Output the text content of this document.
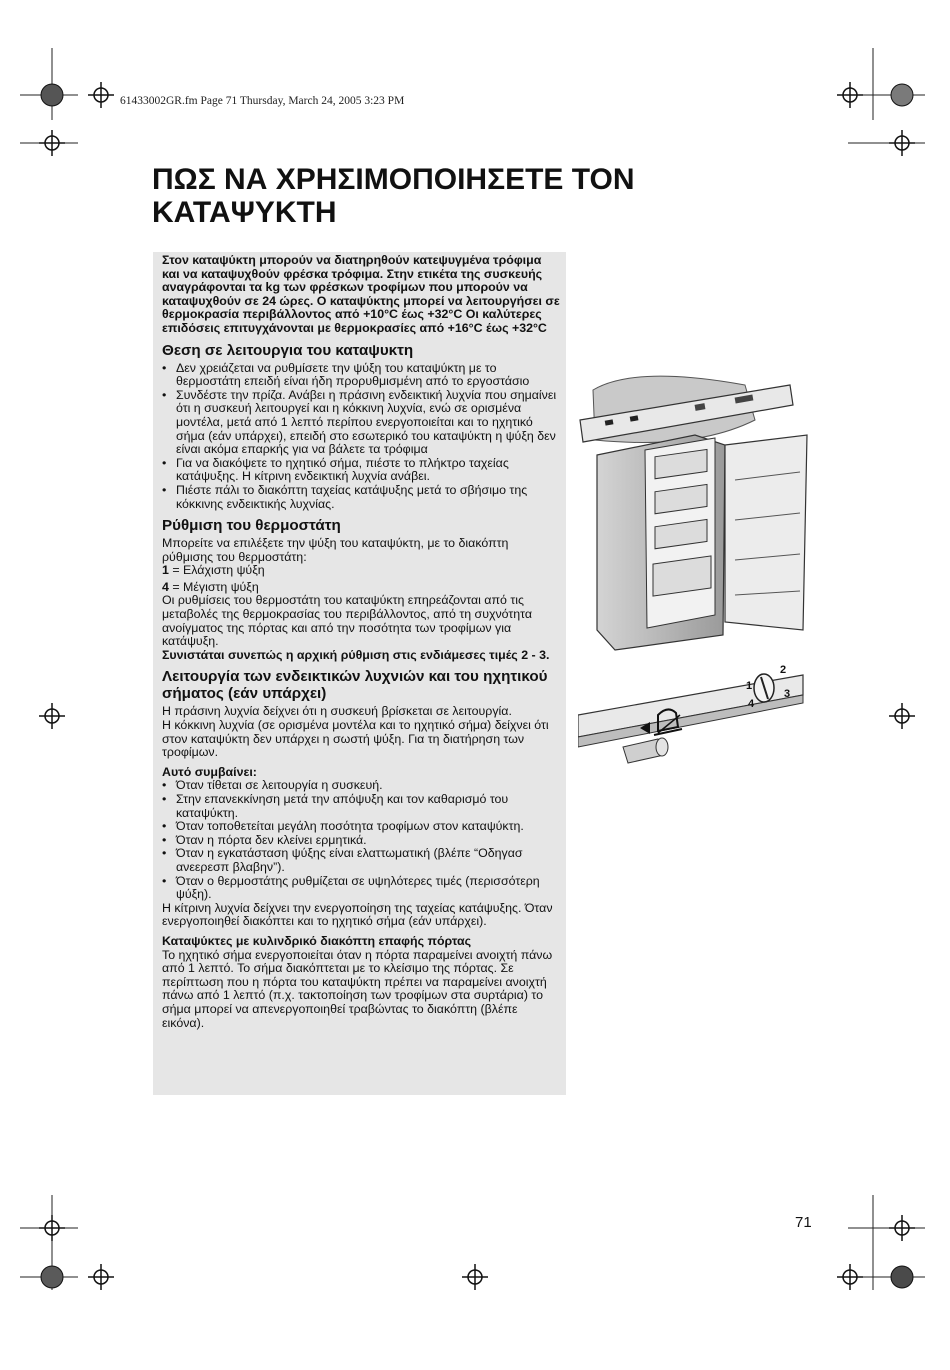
61433002GR.fm Page 71 Thursday, March 24, 2005 3:23 PM
ΠΩΣ ΝΑ ΧΡΗΣΙΜΟΠΟΙΗΣΕΤΕ ΤΟΝ
ΚΑΤΑΨΥΚΤΗ

Στον καταψύκτη μπορούν να διατηρηθούν κατεψυγμένα τρόφιμα και να καταψυχθούν φρέσκα τρόφιμα. Στην ετικέτα της συσκευής αναγράφονται τα kg των φρέσκων τροφίμων που μπορούν να καταψυχθούν σε 24 ώρες. Ο καταψύκτης μπορεί να λειτουργήσει σε θερμοκρασία περιβάλλοντος από +10°C έως +32°C Οι καλύτερες επιδόσεις επιτυγχάνονται με θερμοκρασίες από +16°C έως +32°C

Θεση σε λειτουργια του καταψυκτη
• Δεν χρειάζεται να ρυθμίσετε την ψύξη του καταψύκτη με το θερμοστάτη επειδή είναι ήδη προρυθμισμένη από το εργοστάσιο
• Συνδέστε την πρίζα. Ανάβει η πράσινη ενδεικτική λυχνία που σημαίνει ότι η συσκευή λειτουργεί και η κόκκινη λυχνία, ενώ σε ορισμένα μοντέλα, μετά από 1 λεπτό περίπου ενεργοποιείται και το ηχητικό σήμα (εάν υπάρχει), επειδή στο εσωτερικό του καταψύκτη η ψύξη δεν είναι ακόμα επαρκής για να βάλετε τα τρόφιμα
• Για να διακόψετε το ηχητικό σήμα, πιέστε το πλήκτρο ταχείας κατάψυξης. Η κίτρινη ενδεικτική λυχνία ανάβει.
• Πιέστε πάλι το διακόπτη ταχείας κατάψυξης μετά το σβήσιμο της κόκκινης ενδεικτικής λυχνίας.
Ρύθμιση του θερμοστάτη

Μπορείτε να επιλέξετε την ψύξη του καταψύκτη, με το διακόπτη ρύθμισης του θερμοστάτη:

1 = Ελάχιστη ψύξη

4 = Μέγιστη ψύξη

Οι ρυθμίσεις του θερμοστάτη του καταψύκτη επηρεάζονται από τις μεταβολές της θερμοκρασίας του περιβάλλοντος, από τη συχνότητα ανοίγματος της πόρτας και από την ποσότητα των τροφίμων για κατάψυξη.

Συνιστάται συνεπώς η αρχική ρύθμιση στις ενδιάμεσες τιμές 2 - 3.

Λειτουργία των ενδεικτικών λυχνιών και του ηχητικού σήματος (εάν υπάρχει)

Η πράσινη λυχνία δείχνει ότι η συσκευή βρίσκεται σε λειτουργία.

Η κόκκινη λυχνία (σε ορισμένα μοντέλα και το ηχητικό σήμα) δείχνει ότι στον καταψύκτη δεν υπάρχει η σωστή ψύξη. Για τη διατήρηση των τροφίμων.

Αυτό συμβαίνει:

• Όταν τίθεται σε λειτουργία η συσκευή.
• Στην επανεκκίνηση μετά την απόψυξη και τον καθαρισμό του καταψύκτη.
• Όταν τοποθετείται μεγάλη ποσότητα τροφίμων στον καταψύκτη.
• Όταν η πόρτα δεν κλείνει ερμητικά.
• Όταν η εγκατάσταση ψύξης είναι ελαττωματική (βλέπε “Οδηγασ ανεερεσπ βλαβην”).
• Όταν ο θερμοστάτης ρυθμίζεται σε υψηλότερες τιμές (περισσότερη ψύξη).

Η κίτρινη λυχνία δείχνει την ενεργοποίηση της ταχείας κατάψυξης. Όταν ενεργοποιηθεί διακόπτει και το ηχητικό σήμα (εάν υπάρχει).

Καταψύκτες με κυλινδρικό διακόπτη επαφής πόρτας

Το ηχητικό σήμα ενεργοποιείται όταν η πόρτα παραμείνει ανοιχτή πάνω από 1 λεπτό. Το σήμα διακόπτεται με το κλείσιμο της πόρτας. Σε περίπτωση που η πόρτα του καταψύκτη πρέπει να παραμείνει ανοιχτή πάνω από 1 λεπτό (π.χ. τακτοποίηση των τροφίμων στα συρτάρια) το σήμα μπορεί να απενεργοποιηθεί τραβώντας το διακόπτη (βλέπε εικόνα).

2
3
1
4
71
